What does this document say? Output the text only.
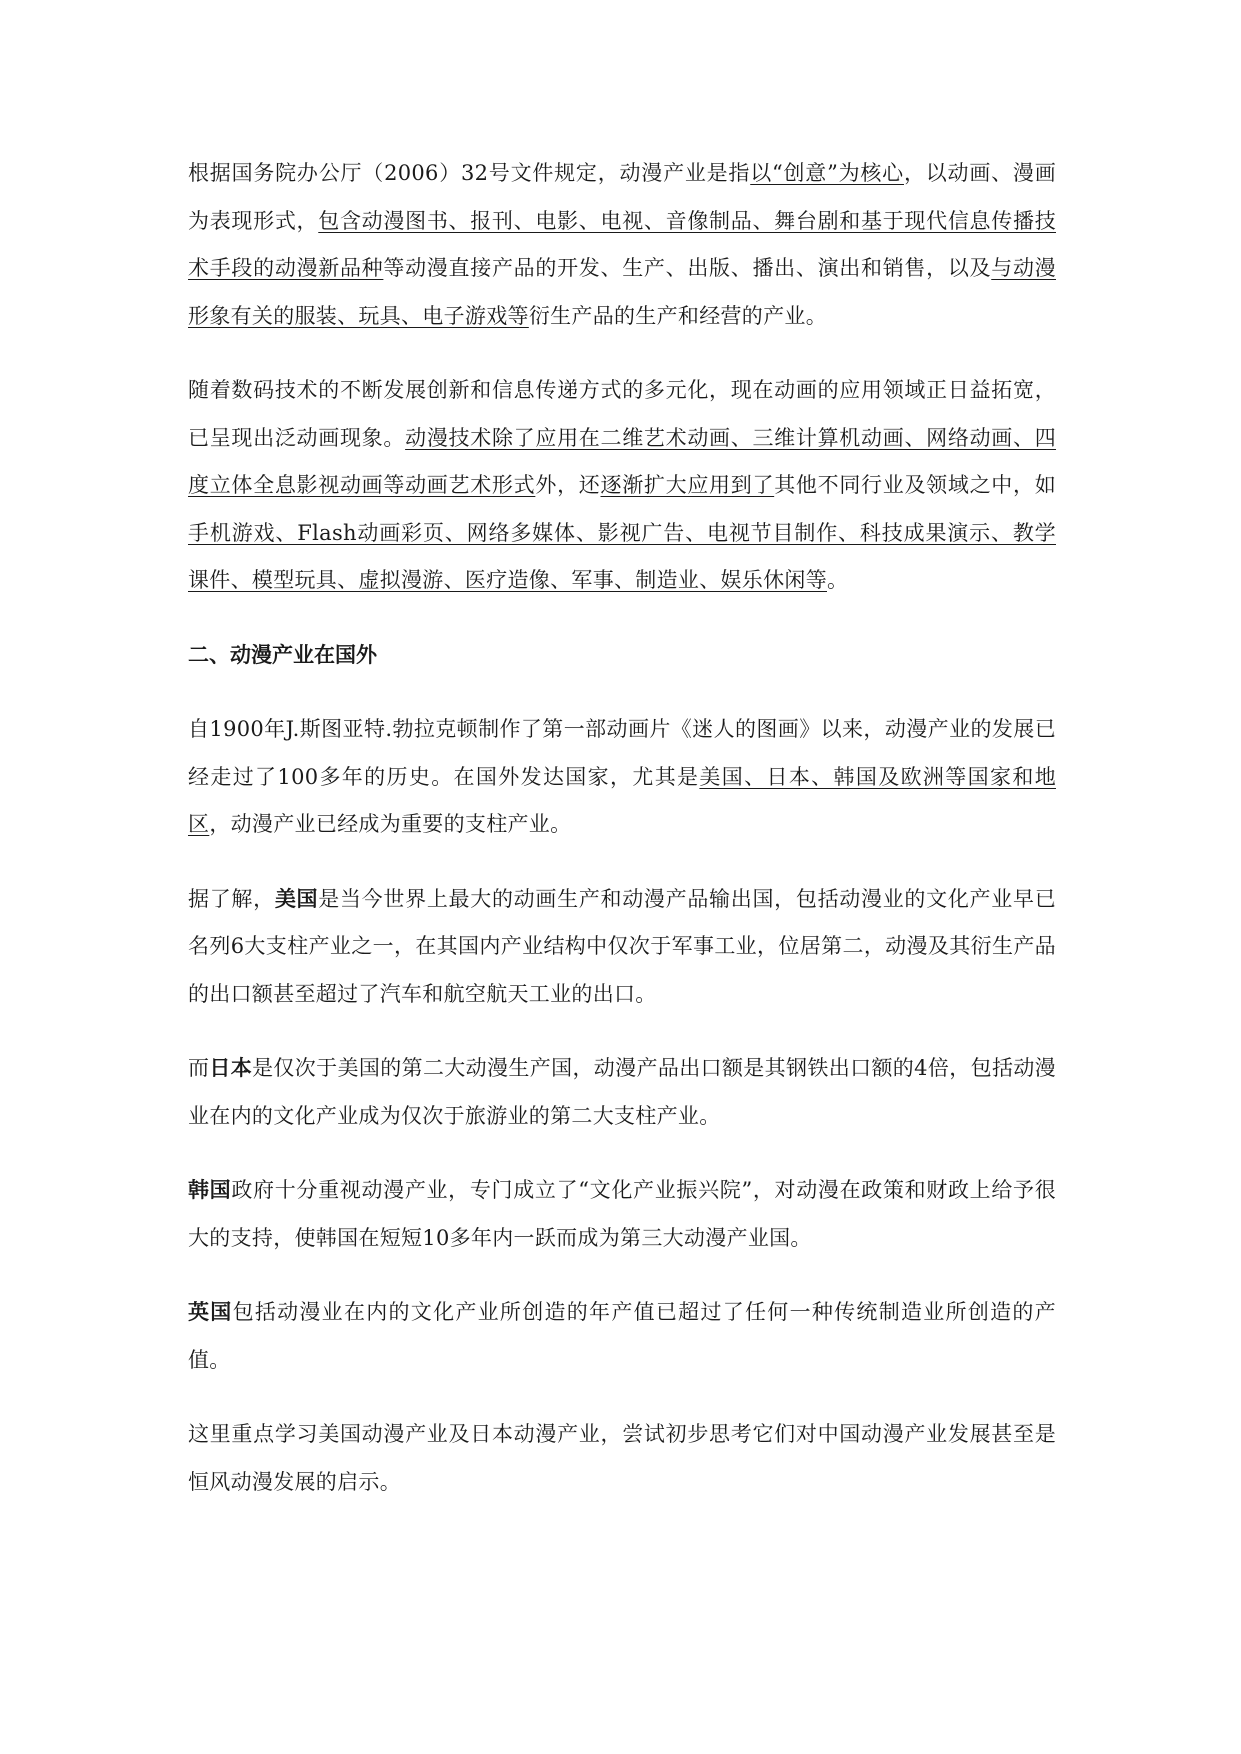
根据国务院办公厅（2006）32号文件规定，动漫产业是指以“创意”为核心，以动画、漫画为表现形式，包含动漫图书、报刊、电影、电视、音像制品、舞台剧和基于现代信息传播技术手段的动漫新品种等动漫直接产品的开发、生产、出版、播出、演出和销售，以及与动漫形象有关的服装、玩具、电子游戏等衍生产品的生产和经营的产业。

随着数码技术的不断发展创新和信息传递方式的多元化，现在动画的应用领域正日益拓宽，已呈现出泛动画现象。动漫技术除了应用在二维艺术动画、三维计算机动画、网络动画、四度立体全息影视动画等动画艺术形式外，还逐渐扩大应用到了其他不同行业及领域之中，如手机游戏、Flash动画彩页、网络多媒体、影视广告、电视节目制作、科技成果演示、教学课件、模型玩具、虚拟漫游、医疗造像、军事、制造业、娱乐休闲等。

二、动漫产业在国外

自1900年J.斯图亚特.勃拉克顿制作了第一部动画片《迷人的图画》以来，动漫产业的发展已经走过了100多年的历史。在国外发达国家，尤其是美国、日本、韩国及欧洲等国家和地区，动漫产业已经成为重要的支柱产业。

据了解，美国是当今世界上最大的动画生产和动漫产品输出国，包括动漫业的文化产业早已名列6大支柱产业之一，在其国内产业结构中仅次于军事工业，位居第二，动漫及其衍生产品的出口额甚至超过了汽车和航空航天工业的出口。

而日本是仅次于美国的第二大动漫生产国，动漫产品出口额是其钢铁出口额的4倍，包括动漫业在内的文化产业成为仅次于旅游业的第二大支柱产业。

韩国政府十分重视动漫产业，专门成立了“文化产业振兴院”，对动漫在政策和财政上给予很大的支持，使韩国在短短10多年内一跃而成为第三大动漫产业国。

英国包括动漫业在内的文化产业所创造的年产值已超过了任何一种传统制造业所创造的产值。

这里重点学习美国动漫产业及日本动漫产业，尝试初步思考它们对中国动漫产业发展甚至是恒风动漫发展的启示。
